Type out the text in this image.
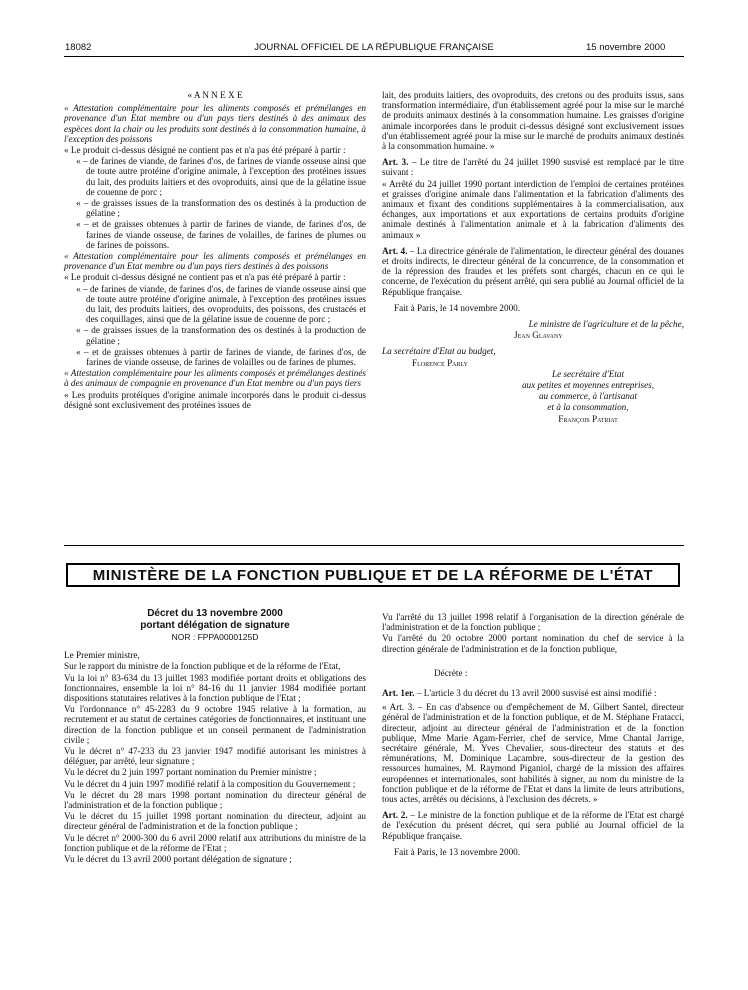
18082	JOURNAL OFFICIEL DE LA RÉPUBLIQUE FRANÇAISE	15 novembre 2000

« A N N E X E

« Attestation complémentaire pour les aliments composés et prémélanges en provenance d'un Etat membre ou d'un pays tiers destinés à des animaux des espèces dont la chair ou les produits sont destinés à la consommation humaine, à l'exception des poissons

« Le produit ci-dessus désigné ne contient pas et n'a pas été préparé à partir :

« – de farines de viande, de farines d'os, de farines de viande osseuse ainsi que de toute autre protéine d'origine animale, à l'exception des protéines issues du lait, des produits laitiers et des ovoproduits, ainsi que de la gélatine issue de couenne de porc ;

« – de graisses issues de la transformation des os destinés à la production de gélatine ;

« – et de graisses obtenues à partir de farines de viande, de farines d'os, de farines de viande osseuse, de farines de volailles, de farines de plumes ou de farines de poissons.

« Attestation complémentaire pour les aliments composés et prémélanges en provenance d'un Etat membre ou d'un pays tiers destinés à des poissons

« Le produit ci-dessus désigné ne contient pas et n'a pas été préparé à partir :

« – de farines de viande, de farines d'os, de farines de viande osseuse ainsi que de toute autre protéine d'origine animale, à l'exception des protéines issues du lait, des produits laitiers, des ovoproduits, des poissons, des crustacés et des coquillages, ainsi que de la gélatine issue de couenne de porc ;

« – de graisses issues de la transformation des os destinés à la production de gélatine ;

« – et de graisses obtenues à partir de farines de viande, de farines d'os, de farines de viande osseuse, de farines de volailles ou de farines de plumes.

« Attestation complémentaire pour les aliments composés et prémélanges destinés à des animaux de compagnie en provenance d'un Etat membre ou d'un pays tiers

« Les produits protéiques d'origine animale incorporés dans le produit ci-dessus désigné sont exclusivement des protéines issues de

lait, des produits laitiers, des ovoproduits, des cretons ou des produits issus, sans transformation intermédiaire, d'un établissement agréé pour la mise sur le marché de produits animaux destinés à la consommation humaine. Les graisses d'origine animale incorporées dans le produit ci-dessus désigné sont exclusivement issues d'un établissement agréé pour la mise sur le marché de produits animaux destinés à la consommation humaine. »

Art. 3. – Le titre de l'arrêté du 24 juillet 1990 susvisé est remplacé par le titre suivant :

« Arrêté du 24 juillet 1990 portant interdiction de l'emploi de certaines protéines et graisses d'origine animale dans l'alimentation et la fabrication d'aliments des animaux et fixant des conditions supplémentaires à la commercialisation, aux échanges, aux importations et aux exportations de certains produits d'origine animale destinés à l'alimentation animale et à la fabrication d'aliments des animaux »

Art. 4. – La directrice générale de l'alimentation, le directeur général des douanes et droits indirects, le directeur général de la concurrence, de la consommation et de la répression des fraudes et les préfets sont chargés, chacun en ce qui le concerne, de l'exécution du présent arrêté, qui sera publié au Journal officiel de la République française.

Fait à Paris, le 14 novembre 2000.

Le ministre de l'agriculture et de la pêche,

Jean Glavany

La secrétaire d'Etat au budget,

Florence Parly

Le secrétaire d'Etat

aux petites et moyennes entreprises,

au commerce, à l'artisanat

et à la consommation,

François Patriat

MINISTÈRE DE LA FONCTION PUBLIQUE ET DE LA RÉFORME DE L'ÉTAT

Décret du 13 novembre 2000

portant délégation de signature

NOR : FPPA0000125D

Le Premier ministre,

Sur le rapport du ministre de la fonction publique et de la réforme de l'Etat,

Vu la loi n° 83-634 du 13 juillet 1983 modifiée portant droits et obligations des fonctionnaires, ensemble la loi n° 84-16 du 11 janvier 1984 modifiée portant dispositions statutaires relatives à la fonction publique de l'Etat ;

Vu l'ordonnance n° 45-2283 du 9 octobre 1945 relative à la formation, au recrutement et au statut de certaines catégories de fonctionnaires, et instituant une direction de la fonction publique et un conseil permanent de l'administration civile ;

Vu le décret n° 47-233 du 23 janvier 1947 modifié autorisant les ministres à déléguer, par arrêté, leur signature ;

Vu le décret du 2 juin 1997 portant nomination du Premier ministre ;

Vu le décret du 4 juin 1997 modifié relatif à la composition du Gouvernement ;

Vu le décret du 28 mars 1998 portant nomination du directeur général de l'administration et de la fonction publique ;

Vu le décret du 15 juillet 1998 portant nomination du directeur, adjoint au directeur général de l'administration et de la fonction publique ;

Vu le décret n° 2000-300 du 6 avril 2000 relatif aux attributions du ministre de la fonction publique et de la réforme de l'Etat ;

Vu le décret du 13 avril 2000 portant délégation de signature ;

Vu l'arrêté du 13 juillet 1998 relatif à l'organisation de la direction générale de l'administration et de la fonction publique ;

Vu l'arrêté du 20 octobre 2000 portant nomination du chef de service à la direction générale de l'administration et de la fonction publique,

Décrète :

Art. 1er. – L'article 3 du décret du 13 avril 2000 susvisé est ainsi modifié :

« Art. 3. – En cas d'absence ou d'empêchement de M. Gilbert Santel, directeur général de l'administration et de la fonction publique, et de M. Stéphane Fratacci, directeur, adjoint au directeur général de l'administration et de la fonction publique, Mme Marie Agam-Ferrier, chef de service, Mme Chantal Jarrige, secrétaire générale, M. Yves Chevalier, sous-directeur des statuts et des rémunérations, M. Dominique Lacambre, sous-directeur de la gestion des ressources humaines, M. Raymond Piganiol, chargé de la mission des affaires européennes et internationales, sont habilités à signer, au nom du ministre de la fonction publique et de la réforme de l'Etat et dans la limite de leurs attributions, tous actes, arrêtés ou décisions, à l'exclusion des décrets. »

Art. 2. – Le ministre de la fonction publique et de la réforme de l'Etat est chargé de l'exécution du présent décret, qui sera publié au Journal officiel de la République française.

Fait à Paris, le 13 novembre 2000.
